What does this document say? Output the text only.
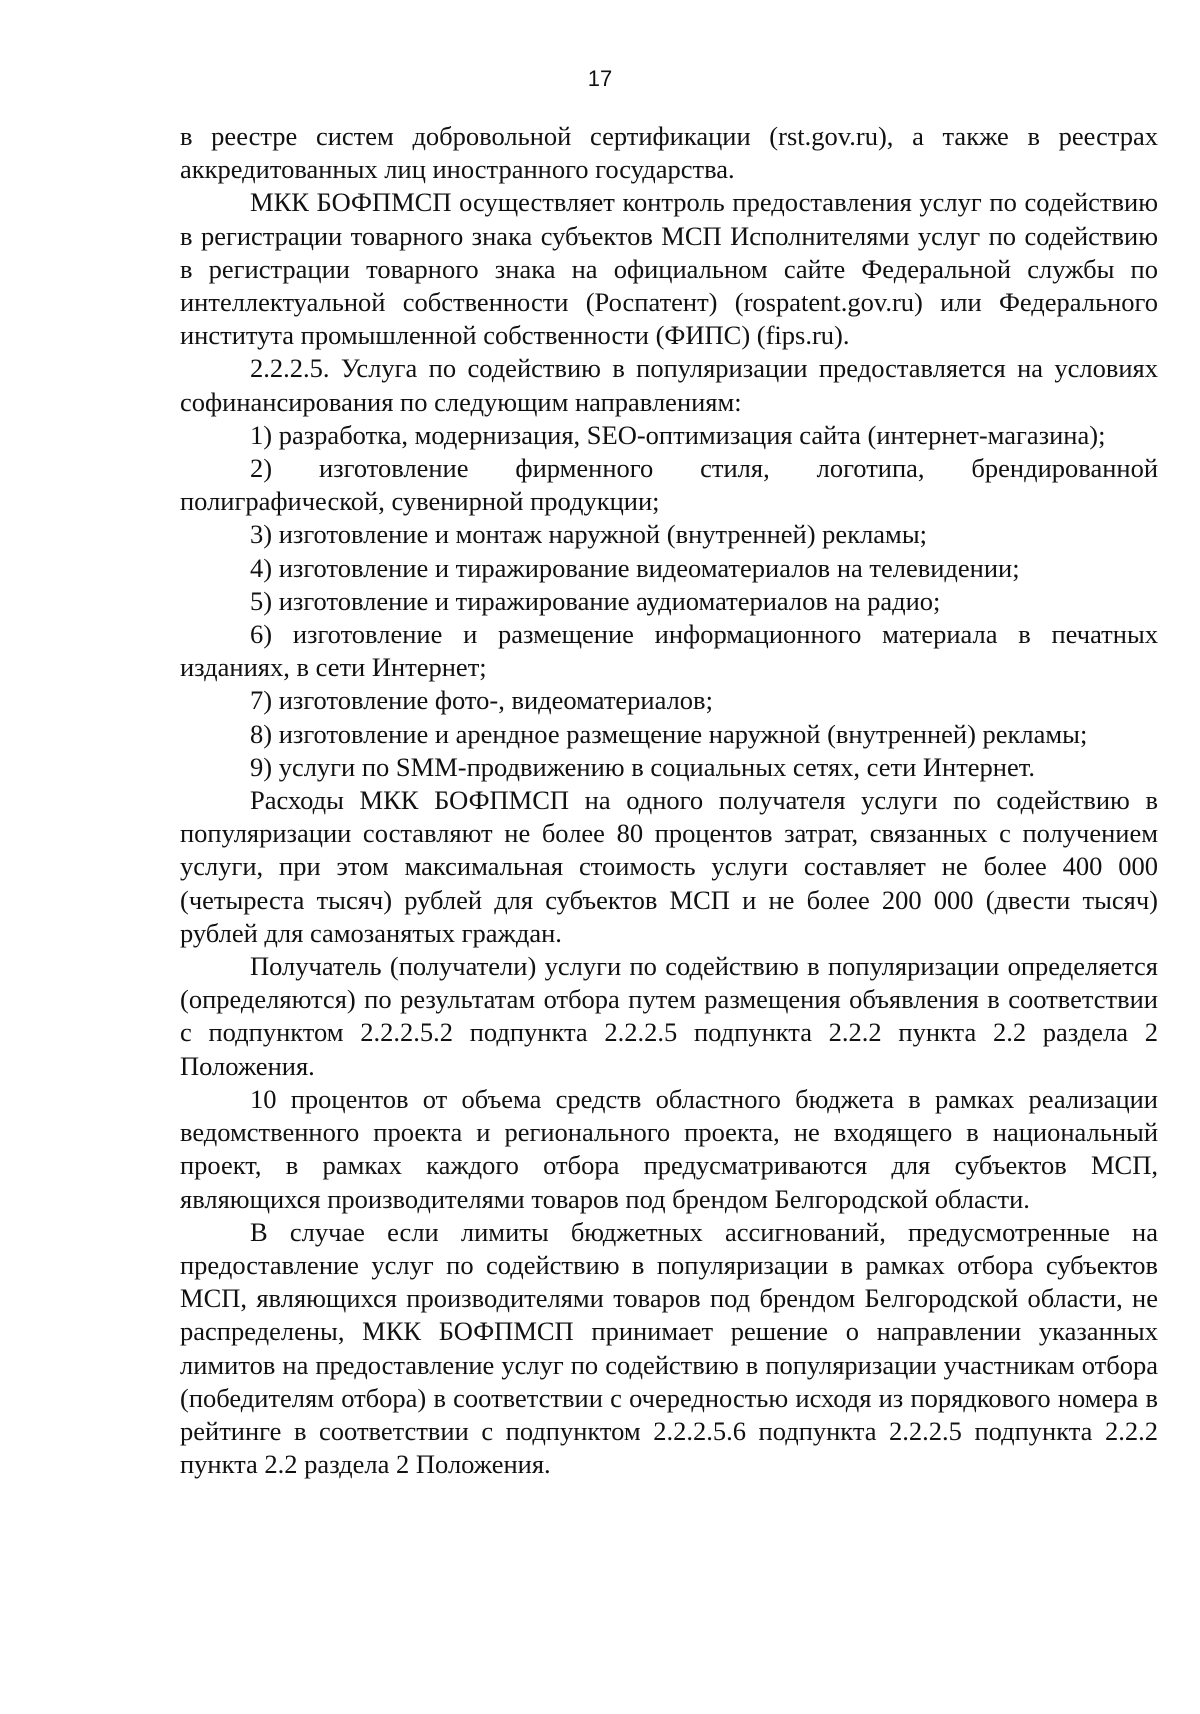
17

в реестре систем добровольной сертификации (rst.gov.ru), а также в реестрах аккредитованных лиц иностранного государства.

МКК БОФПМСП осуществляет контроль предоставления услуг по содействию в регистрации товарного знака субъектов МСП Исполнителями услуг по содействию в регистрации товарного знака на официальном сайте Федеральной службы по интеллектуальной собственности (Роспатент) (rospatent.gov.ru) или Федерального института промышленной собственности (ФИПС) (fips.ru).

2.2.2.5. Услуга по содействию в популяризации предоставляется на условиях софинансирования по следующим направлениям:

1) разработка, модернизация, SEO-оптимизация сайта (интернет-магазина);

2) изготовление фирменного стиля, логотипа, брендированной полиграфической, сувенирной продукции;

3) изготовление и монтаж наружной (внутренней) рекламы;

4) изготовление и тиражирование видеоматериалов на телевидении;

5) изготовление и тиражирование аудиоматериалов на радио;

6) изготовление и размещение информационного материала в печатных изданиях, в сети Интернет;

7) изготовление фото-, видеоматериалов;

8) изготовление и арендное размещение наружной (внутренней) рекламы;

9) услуги по SMM-продвижению в социальных сетях, сети Интернет.

Расходы МКК БОФПМСП на одного получателя услуги по содействию в популяризации составляют не более 80 процентов затрат, связанных с получением услуги, при этом максимальная стоимость услуги составляет не более 400 000 (четыреста тысяч) рублей для субъектов МСП и не более 200 000 (двести тысяч) рублей для самозанятых граждан.

Получатель (получатели) услуги по содействию в популяризации определяется (определяются) по результатам отбора путем размещения объявления в соответствии с подпунктом 2.2.2.5.2 подпункта 2.2.2.5 подпункта 2.2.2 пункта 2.2 раздела 2 Положения.

10 процентов от объема средств областного бюджета в рамках реализации ведомственного проекта и регионального проекта, не входящего в национальный проект, в рамках каждого отбора предусматриваются для субъектов МСП, являющихся производителями товаров под брендом Белгородской области.

В случае если лимиты бюджетных ассигнований, предусмотренные на предоставление услуг по содействию в популяризации в рамках отбора субъектов МСП, являющихся производителями товаров под брендом Белгородской области, не распределены, МКК БОФПМСП принимает решение о направлении указанных лимитов на предоставление услуг по содействию в популяризации участникам отбора (победителям отбора) в соответствии с очередностью исходя из порядкового номера в рейтинге в соответствии с подпунктом 2.2.2.5.6 подпункта 2.2.2.5 подпункта 2.2.2 пункта 2.2 раздела 2 Положения.
